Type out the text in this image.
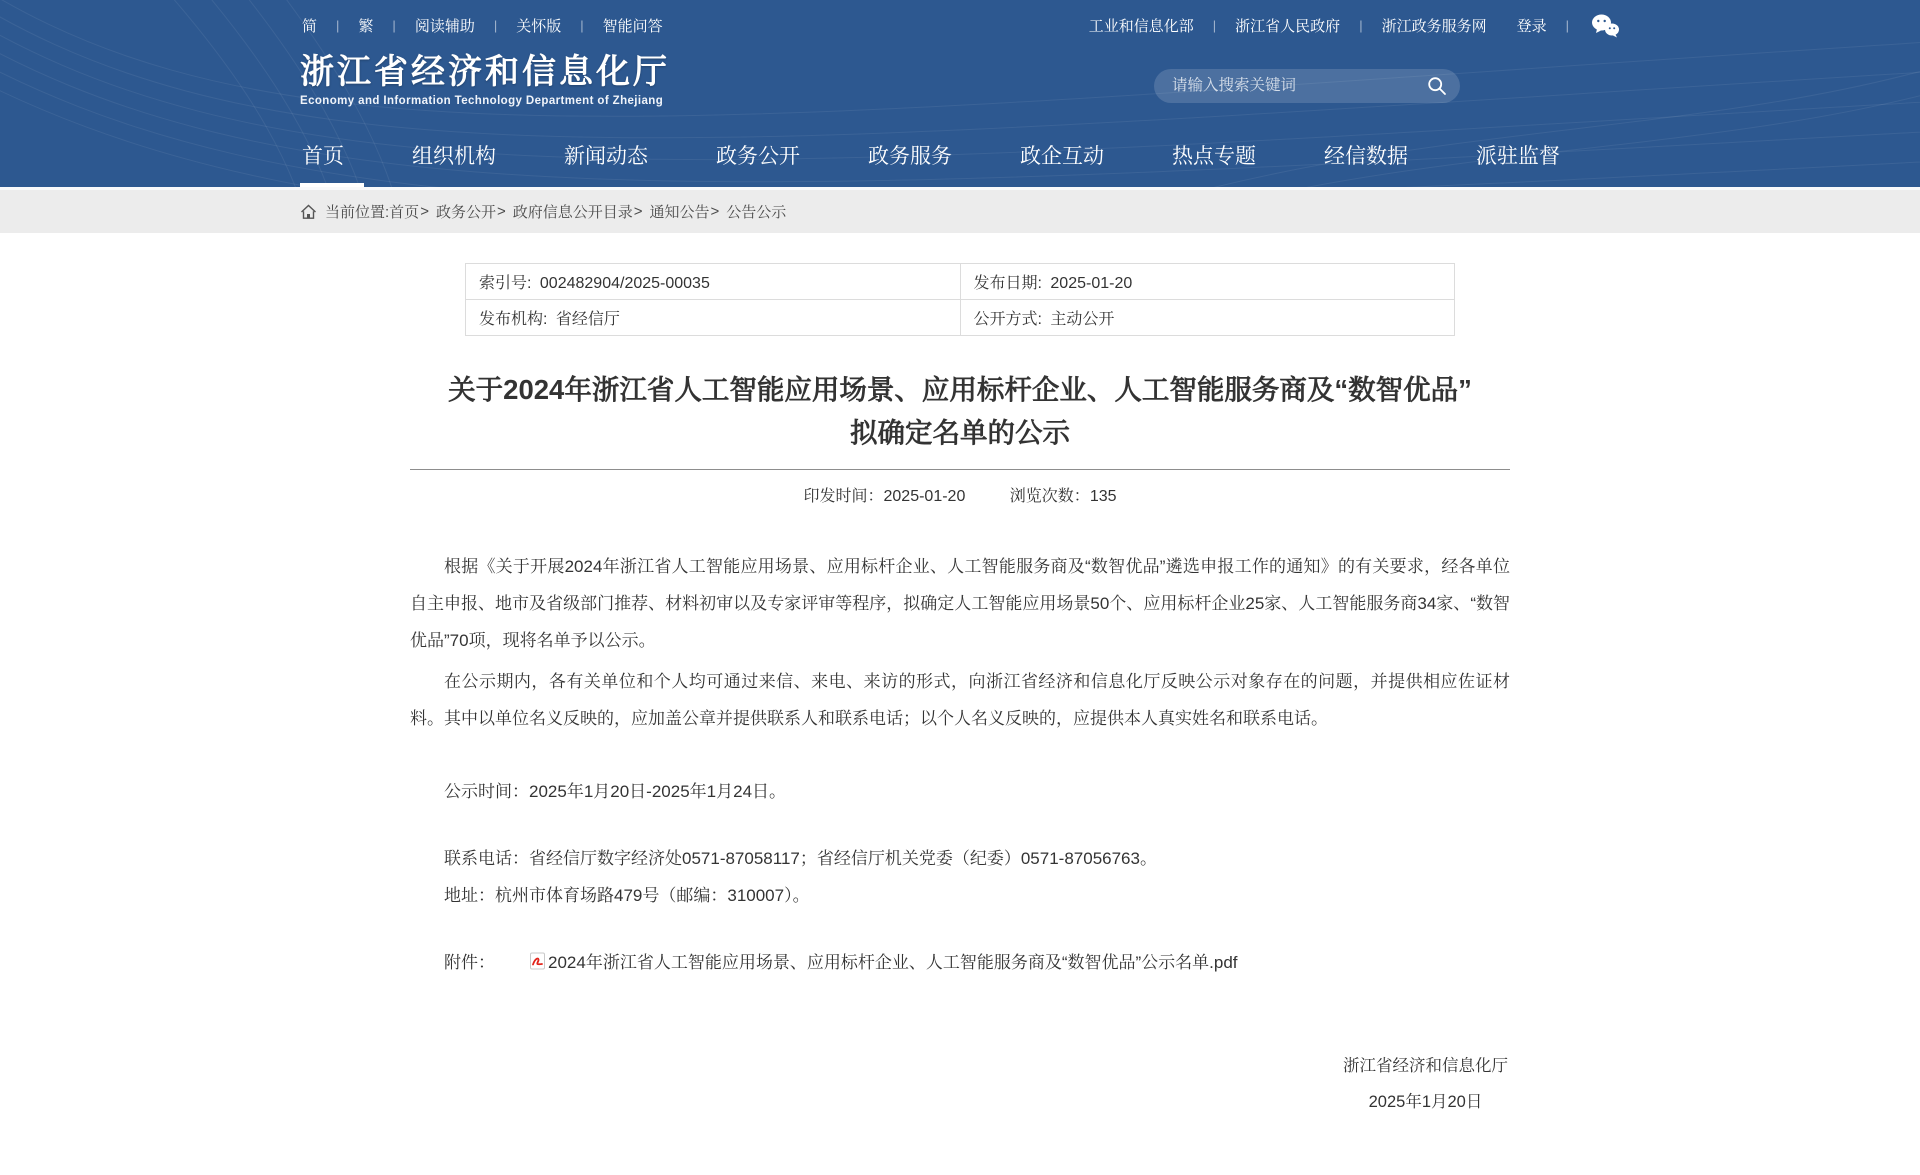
简 | 繁 | 阅读辅助 | 关怀版 | 智能问答	工业和信息化部 | 浙江省人民政府 | 浙江政务服务网 登录 |
浙江省经济和信息化厅
Economy and Information Technology Department of Zhejiang
请输入搜索关键词
首页	组织机构	新闻动态	政务公开	政务服务	政企互动	热点专题	经信数据	派驻监督
当前位置: 首页 > 政务公开 > 政府信息公开目录 > 通知公告 > 公告公示
索引号: 002482904/2025-00035	发布日期: 2025-01-20
发布机构: 省经信厅	公开方式: 主动公开
关于2024年浙江省人工智能应用场景、应用标杆企业、人工智能服务商及“数智优品”
拟确定名单的公示
印发时间：2025-01-20	浏览次数：135

根据《关于开展2024年浙江省人工智能应用场景、应用标杆企业、人工智能服务商及“数智优品”遴选申报工作的通知》的有关要求，经各单位自主申报、地市及省级部门推荐、材料初审以及专家评审等程序，拟确定人工智能应用场景50个、应用标杆企业25家、人工智能服务商34家、“数智优品”70项，现将名单予以公示。

在公示期内，各有关单位和个人均可通过来信、来电、来访的形式，向浙江省经济和信息化厅反映公示对象存在的问题，并提供相应佐证材料。其中以单位名义反映的，应加盖公章并提供联系人和联系电话；以个人名义反映的，应提供本人真实姓名和联系电话。

公示时间：2025年1月20日-2025年1月24日。

联系电话：省经信厅数字经济处0571-87058117；省经信厅机关党委（纪委）0571-87056763。

地址：杭州市体育场路479号（邮编：310007）。

附件：	2024年浙江省人工智能应用场景、应用标杆企业、人工智能服务商及“数智优品”公示名单.pdf
浙江省经济和信息化厅
2025年1月20日
